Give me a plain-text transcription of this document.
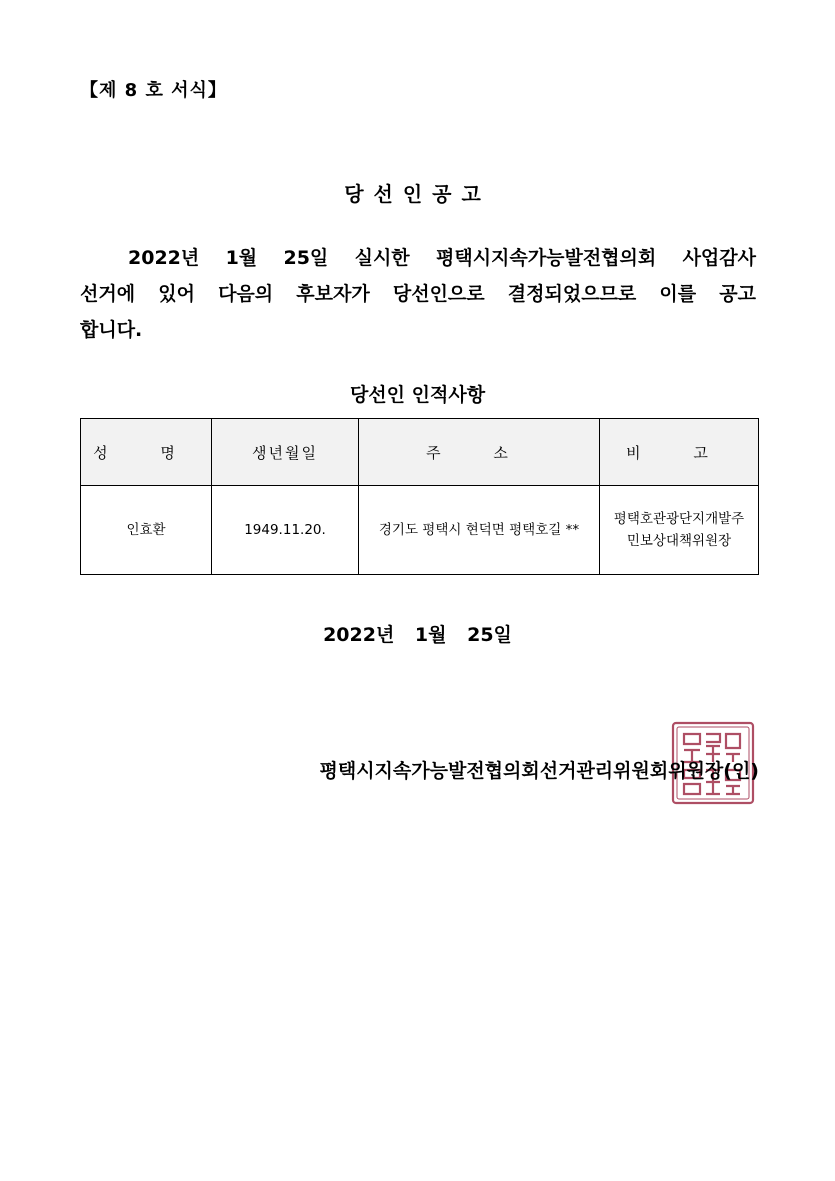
【제 8 호 서식】
당선인공고
2022년 1월 25일 실시한 평택시지속가능발전협의회 사업감사
선거에 있어 다음의 후보자가 당선인으로 결정되었으므로 이를 공고
합니다.
당선인 인적사항
성 명	생년월일	주 소	비 고
인효환	1949.11.20.	경기도 평택시 현덕면 평택호길 **	평택호관광단지개발주
민보상대책위원장
2022년 1월 25일
평택시지속가능발전협의회선거관리위원회위원장(인)
